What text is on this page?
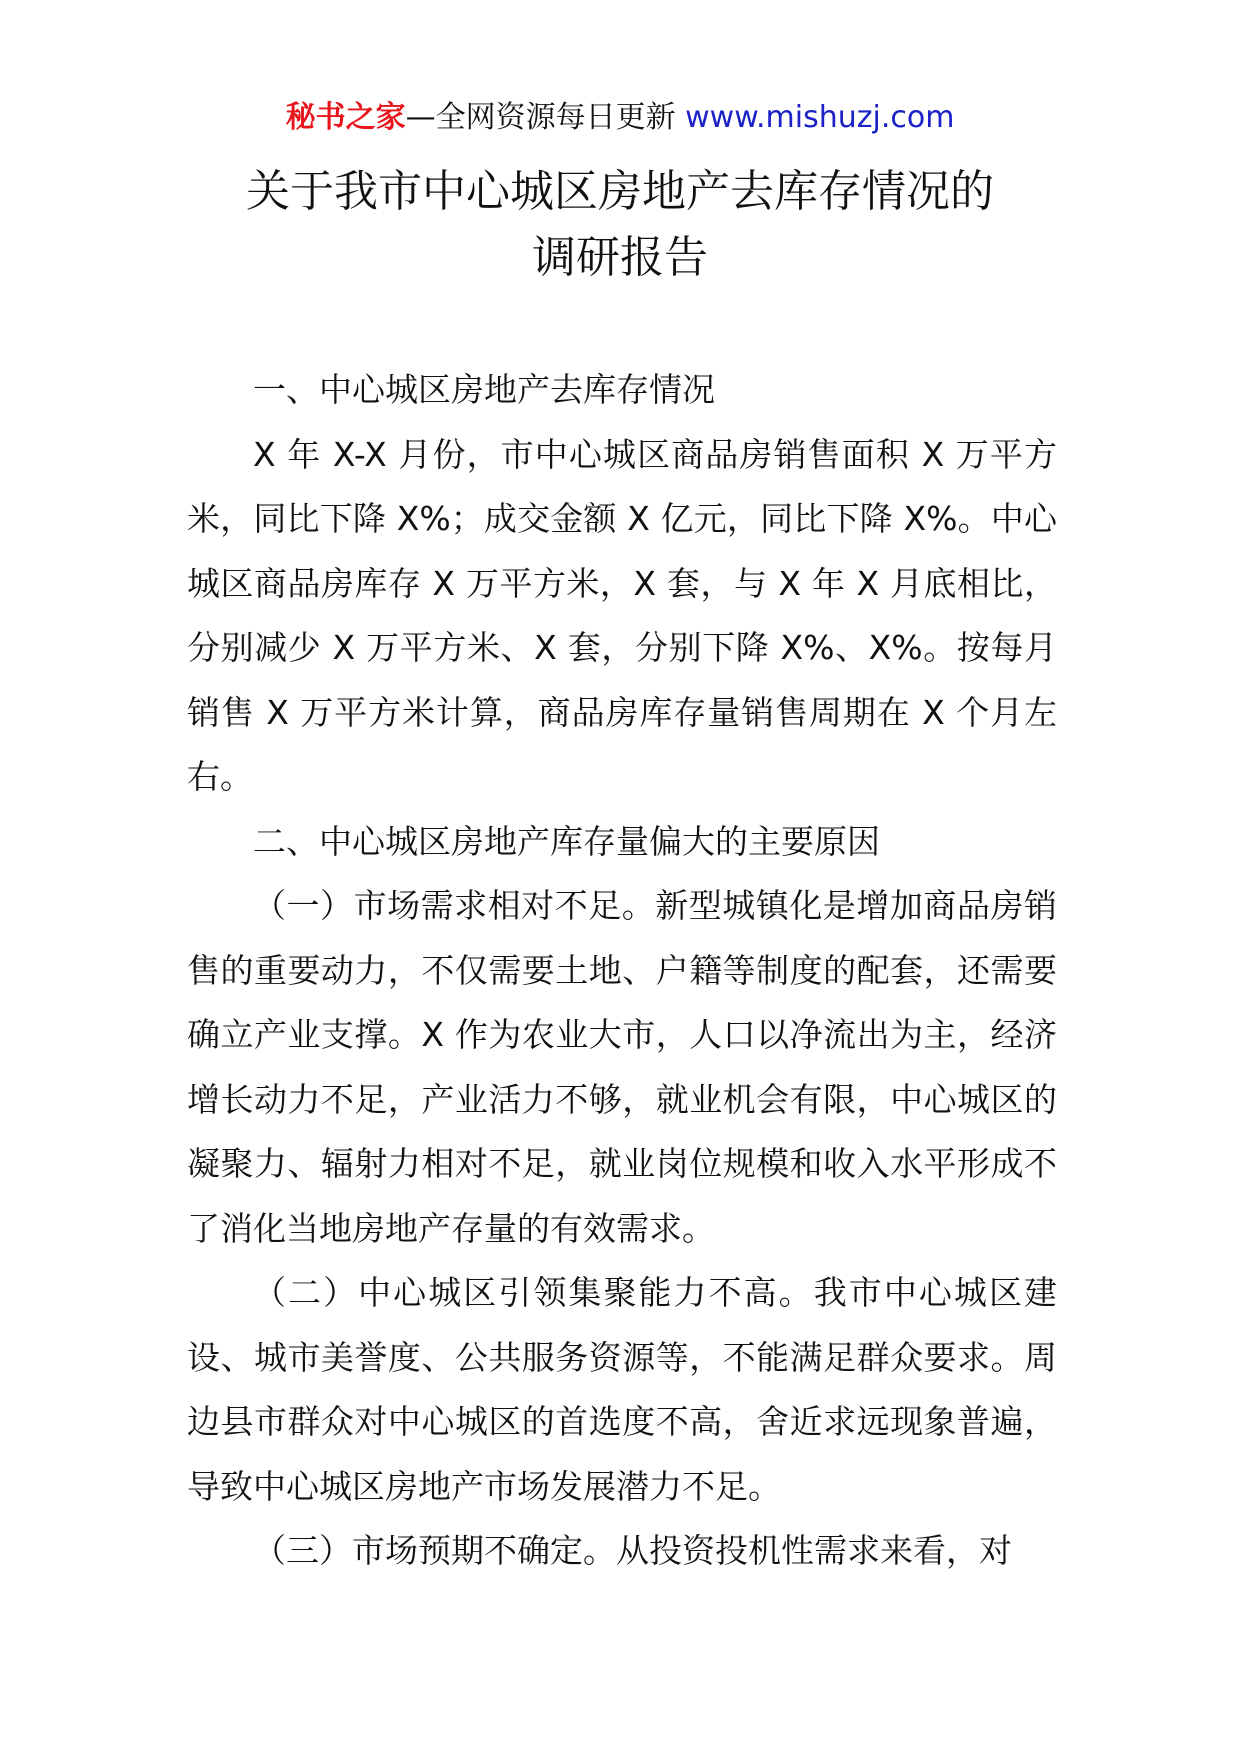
秘书之家—全网资源每日更新 www.mishuzj.com
关于我市中心城区房地产去库存情况的
调研报告

一、中心城区房地产去库存情况

X 年 X-X 月份，市中心城区商品房销售面积 X 万平方米，同比下降 X%；成交金额 X 亿元，同比下降 X%。中心城区商品房库存 X 万平方米，X 套，与 X 年 X 月底相比，分别减少 X 万平方米、X 套，分别下降 X%、X%。按每月销售 X 万平方米计算，商品房库存量销售周期在 X 个月左右。

二、中心城区房地产库存量偏大的主要原因

（一）市场需求相对不足。新型城镇化是增加商品房销售的重要动力，不仅需要土地、户籍等制度的配套，还需要确立产业支撑。X 作为农业大市，人口以净流出为主，经济增长动力不足，产业活力不够，就业机会有限，中心城区的凝聚力、辐射力相对不足，就业岗位规模和收入水平形成不了消化当地房地产存量的有效需求。

（二）中心城区引领集聚能力不高。我市中心城区建设、城市美誉度、公共服务资源等，不能满足群众要求。周边县市群众对中心城区的首选度不高，舍近求远现象普遍，导致中心城区房地产市场发展潜力不足。

（三）市场预期不确定。从投资投机性需求来看，对
